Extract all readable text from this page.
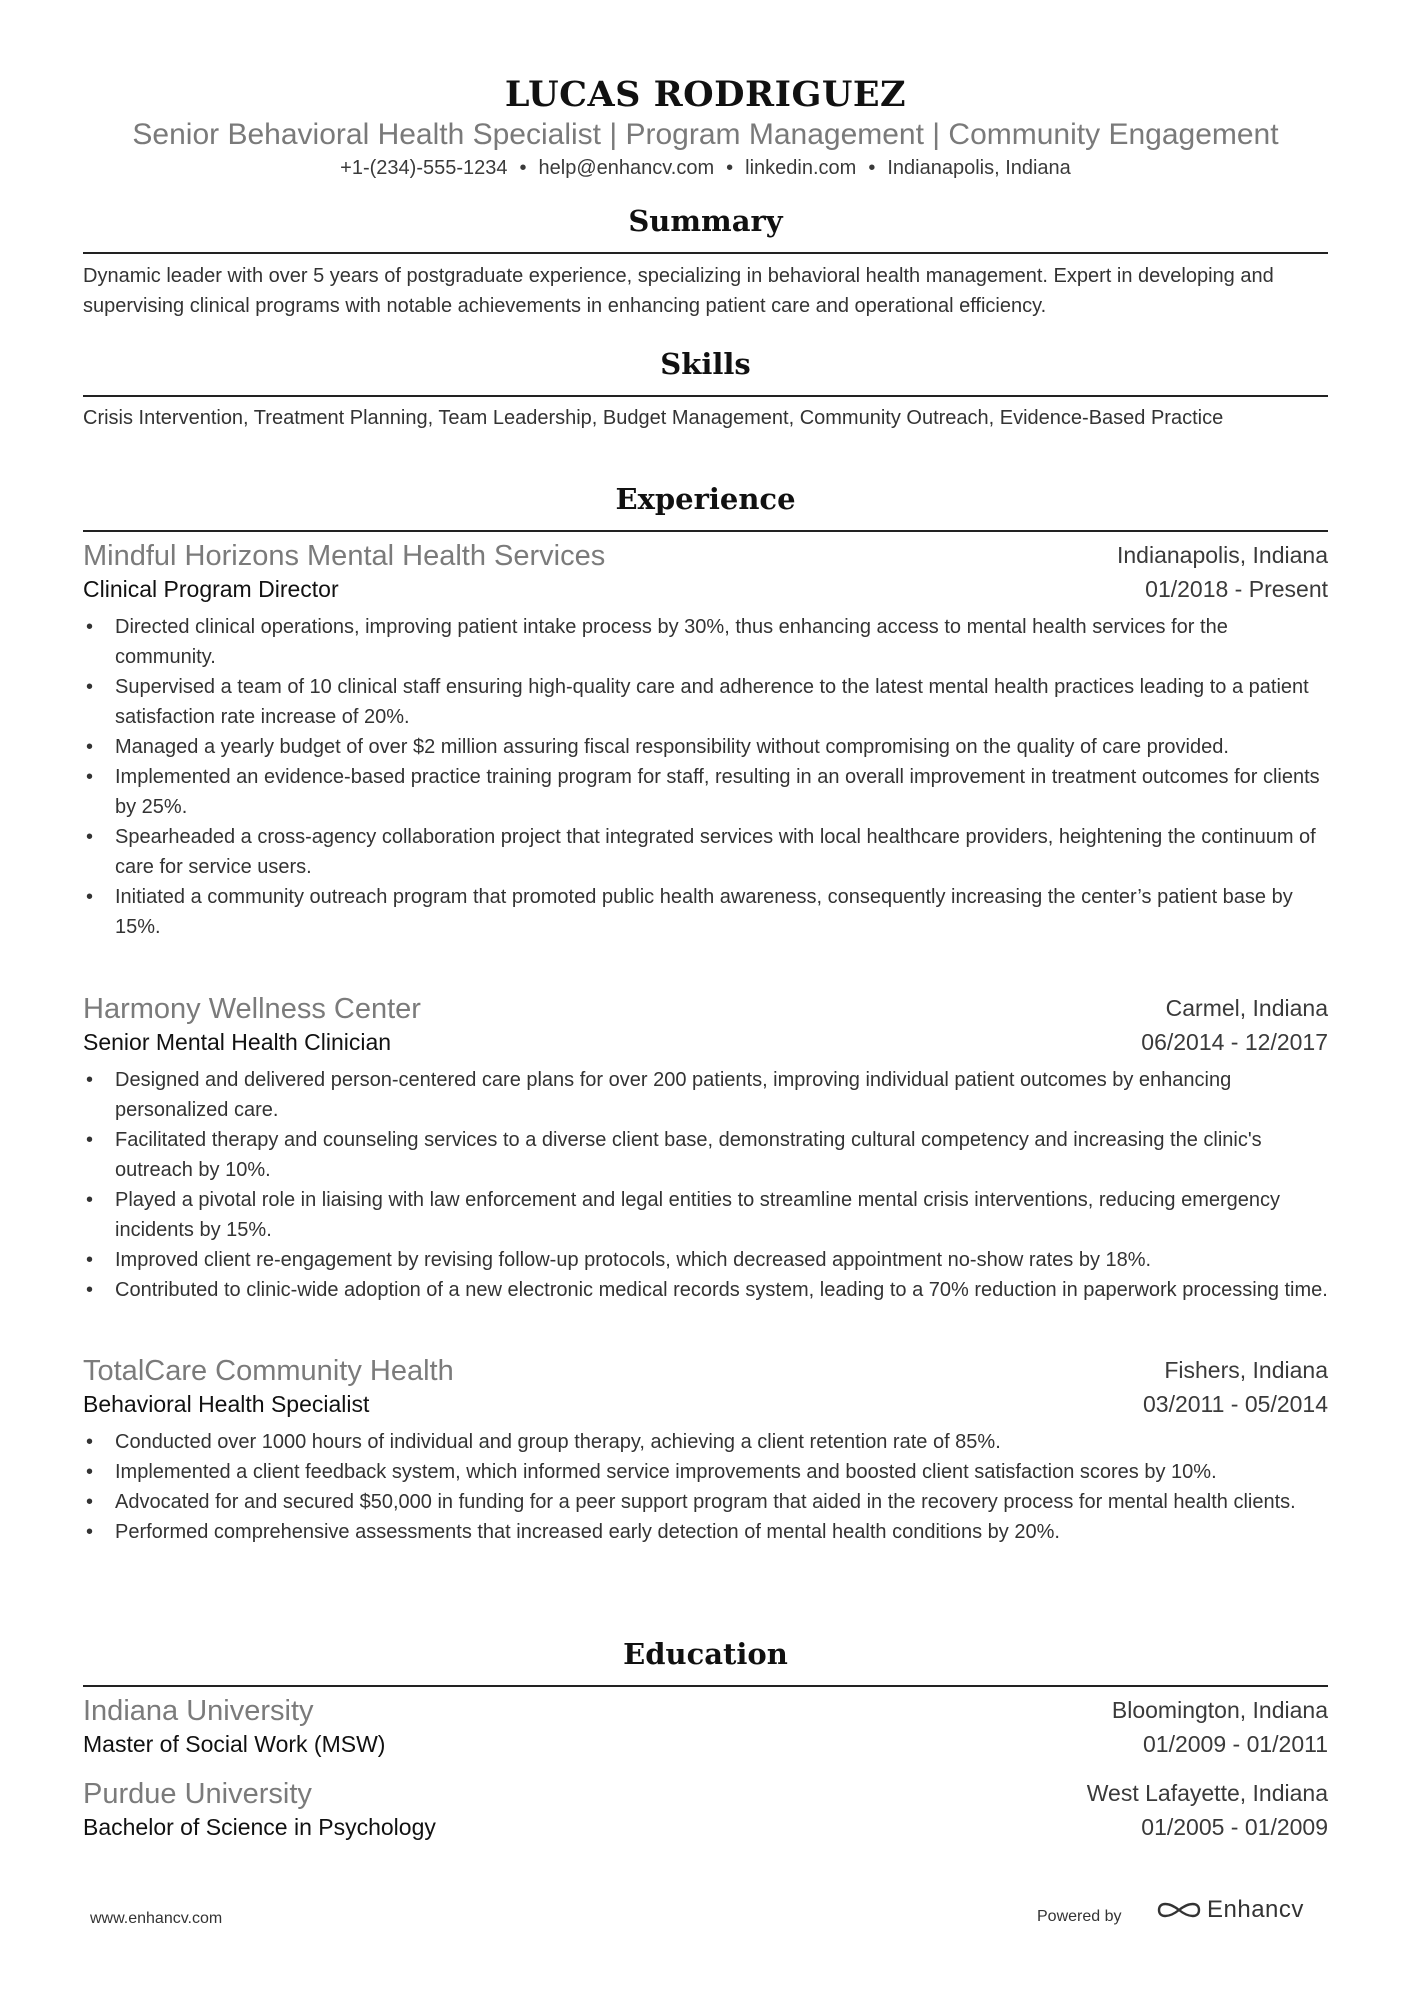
LUCAS RODRIGUEZ
Senior Behavioral Health Specialist | Program Management | Community Engagement
+1-(234)-555-1234 • help@enhancv.com • linkedin.com • Indianapolis, Indiana
Summary
Dynamic leader with over 5 years of postgraduate experience, specializing in behavioral health management. Expert in developing and supervising clinical programs with notable achievements in enhancing patient care and operational efficiency.
Skills
Crisis Intervention, Treatment Planning, Team Leadership, Budget Management, Community Outreach, Evidence-Based Practice
Experience
Mindful Horizons Mental Health Services	Indianapolis, Indiana
Clinical Program Director	01/2018 - Present
• Directed clinical operations, improving patient intake process by 30%, thus enhancing access to mental health services for the community.
• Supervised a team of 10 clinical staff ensuring high-quality care and adherence to the latest mental health practices leading to a patient satisfaction rate increase of 20%.
• Managed a yearly budget of over $2 million assuring fiscal responsibility without compromising on the quality of care provided.
• Implemented an evidence-based practice training program for staff, resulting in an overall improvement in treatment outcomes for clients by 25%.
• Spearheaded a cross-agency collaboration project that integrated services with local healthcare providers, heightening the continuum of care for service users.
• Initiated a community outreach program that promoted public health awareness, consequently increasing the center’s patient base by 15%.
Harmony Wellness Center	Carmel, Indiana
Senior Mental Health Clinician	06/2014 - 12/2017
• Designed and delivered person-centered care plans for over 200 patients, improving individual patient outcomes by enhancing personalized care.
• Facilitated therapy and counseling services to a diverse client base, demonstrating cultural competency and increasing the clinic's outreach by 10%.
• Played a pivotal role in liaising with law enforcement and legal entities to streamline mental crisis interventions, reducing emergency incidents by 15%.
• Improved client re-engagement by revising follow-up protocols, which decreased appointment no-show rates by 18%.
• Contributed to clinic-wide adoption of a new electronic medical records system, leading to a 70% reduction in paperwork processing time.
TotalCare Community Health	Fishers, Indiana
Behavioral Health Specialist	03/2011 - 05/2014
• Conducted over 1000 hours of individual and group therapy, achieving a client retention rate of 85%.
• Implemented a client feedback system, which informed service improvements and boosted client satisfaction scores by 10%.
• Advocated for and secured $50,000 in funding for a peer support program that aided in the recovery process for mental health clients.
• Performed comprehensive assessments that increased early detection of mental health conditions by 20%.
Education
Indiana University	Bloomington, Indiana
Master of Social Work (MSW)	01/2009 - 01/2011
Purdue University	West Lafayette, Indiana
Bachelor of Science in Psychology	01/2005 - 01/2009
www.enhancv.com	Powered by	Enhancv
